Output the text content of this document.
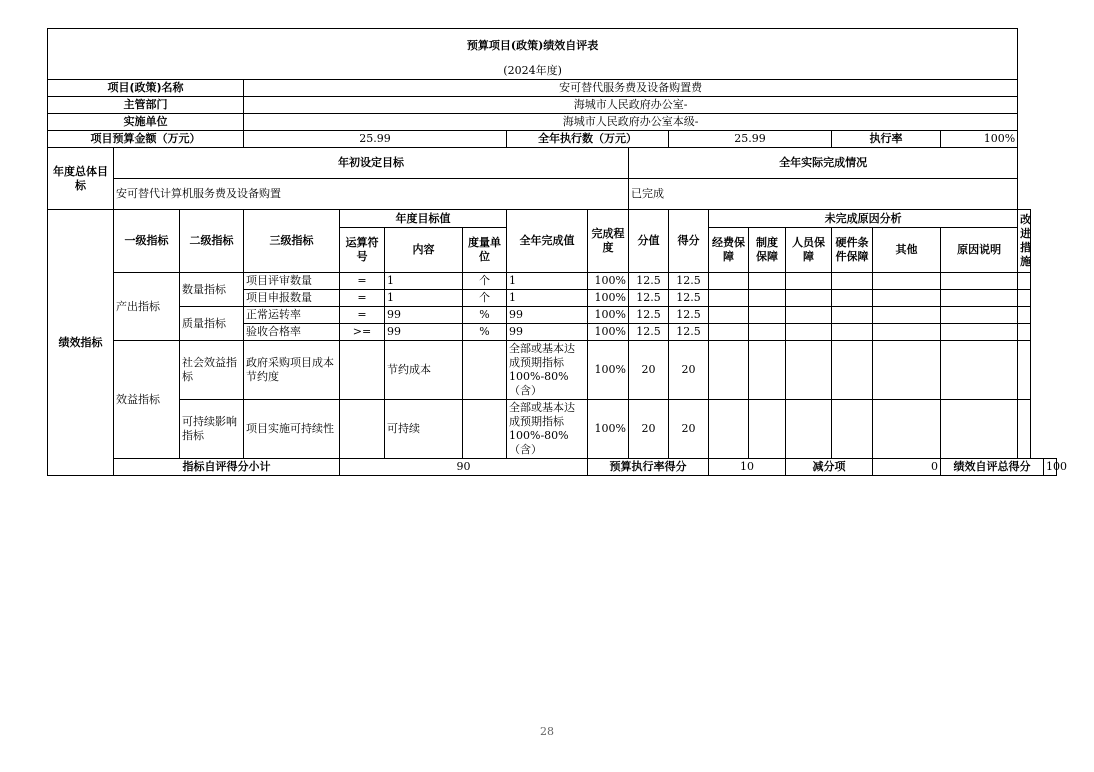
预算项目(政策)绩效自评表																		
(2024年度)																		
项目(政策)名称			安可替代服务费及设备购置费															
主管部门			海城市人民政府办公室-															
实施单位			海城市人民政府办公室本级-															
项目预算金额（万元）			25.99				全年执行数（万元）			25.99				执行率		100%		
年度总体目标	年初设定目标								全年实际完成情况									
	安可替代计算机服务费及设备购置								已完成									
绩效指标	一级指标	二级指标	三级指标	年度目标值			全年完成值	完成程度	分值	得分	未完成原因分析						改进措施	
				运算符号	内容	度量单位					经费保障	制度保障	人员保障	硬件条件保障	其他	原因说明		
	产出指标	数量指标	项目评审数量	=	1	个	1	100%	12.5	12.5								
			项目申报数量	=	1	个	1	100%	12.5	12.5								
		质量指标	正常运转率	=	99	%	99	100%	12.5	12.5								
			验收合格率	>=	99	%	99	100%	12.5	12.5								
	效益指标	社会效益指标	政府采购项目成本节约度		节约成本		全部或基本达成预期指标100%-80%（含）	100%	20	20								
		可持续影响指标	项目实施可持续性		可持续		全部或基本达成预期指标100%-80%（含）	100%	20	20								
	指标自评得分小计			90				预算执行率得分			10		减分项		0	绩效自评总得分		100
28
